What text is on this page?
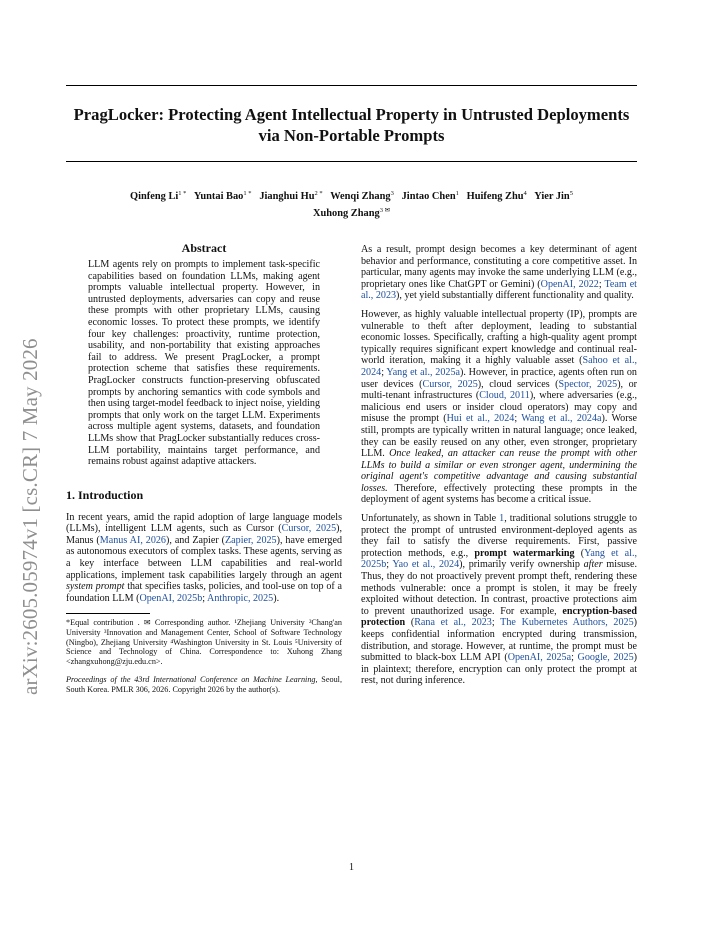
PragLocker: Protecting Agent Intellectual Property in Untrusted Deployments via Non-Portable Prompts
Qinfeng $Li^{1 *}$ Yuntai Bao$^{1 *}$ Jianghui $Hu^{2 *}$ Wenqi Zhang$^3$ Jintao Chen$^1$ Huifeng Zhu$^4$ Yier Jin$^5$
Xuhong Zhang$^{3 ✉}$
arXiv:2605.05974v1 [cs.CR] 7 May 2026
Abstract
LLM agents rely on prompts to implement task-specific capabilities based on foundation LLMs, making agent prompts valuable intellectual property. However, in untrusted deployments, adversaries can copy and reuse these prompts with other proprietary LLMs, causing economic losses. To protect these prompts, we identify four key challenges: proactivity, runtime protection, usability, and non-portability that existing approaches fail to address. We present PragLocker, a prompt protection scheme that satisfies these requirements. PragLocker constructs function-preserving obfuscated prompts by anchoring semantics with code symbols and then using target-model feedback to inject noise, yielding prompts that only work on the target LLM. Experiments across multiple agent systems, datasets, and foundation LLMs show that PragLocker substantially reduces cross-LLM portability, maintains target performance, and remains robust against adaptive attackers.
1. Introduction

In recent years, amid the rapid adoption of large language models (LLMs), intelligent LLM agents, such as Cursor (Cursor, 2025), Manus (Manus AI, 2026), and Zapier (Zapier, 2025), have emerged as autonomous executors of complex tasks. These agents, serving as a key interface between LLM capabilities and real-world applications, implement task capabilities largely through an agent system prompt that specifies tasks, policies, and tool-use on top of a foundation LLM (OpenAI, 2025b; Anthropic, 2025).

*Equal contribution . ✉ Corresponding author. ¹Zhejiang University ²Chang'an University ³Innovation and Management Center, School of Software Technology (Ningbo), Zhejiang University ⁴Washington University in St. Louis ⁵University of Science and Technology of China. Correspondence to: Xuhong Zhang <zhangxuhong@zju.edu.cn>.
Proceedings of the 43rd International Conference on Machine Learning, Seoul, South Korea. PMLR 306, 2026. Copyright 2026 by the author(s).

As a result, prompt design becomes a key determinant of agent behavior and performance, constituting a core competitive asset. In particular, many agents may invoke the same underlying LLM (e.g., proprietary ones like ChatGPT or Gemini) (OpenAI, 2022; Team et al., 2023), yet yield substantially different functionality and quality.

However, as highly valuable intellectual property (IP), prompts are vulnerable to theft after deployment, leading to substantial economic losses. Specifically, crafting a high-quality agent prompt typically requires significant expert knowledge and continual real-world iteration, making it a highly valuable asset (Sahoo et al., 2024; Yang et al., 2025a). However, in practice, agents often run on user devices (Cursor, 2025), cloud services (Spector, 2025), or multi-tenant infrastructures (Cloud, 2011), where adversaries (e.g., malicious end users or insider cloud operators) may copy and misuse the prompt (Hui et al., 2024; Wang et al., 2024a). Worse still, prompts are typically written in natural language; once leaked, they can be easily reused on any other, even stronger, proprietary LLM. Once leaked, an attacker can reuse the prompt with other LLMs to build a similar or even stronger agent, undermining the original agent's competitive advantage and causing substantial losses. Therefore, effectively protecting these prompts in the deployment of agent systems has become a critical issue.

Unfortunately, as shown in Table 1, traditional solutions struggle to protect the prompt of untrusted environment-deployed agents as they fail to satisfy the diverse requirements. First, passive protection methods, e.g., prompt watermarking (Yang et al., 2025b; Yao et al., 2024), primarily verify ownership after misuse. Thus, they do not proactively prevent prompt theft, rendering these methods vulnerable: once a prompt is stolen, it may be freely exploited without detection. In contrast, proactive protections aim to prevent unauthorized usage. For example, encryption-based protection (Rana et al., 2023; The Kubernetes Authors, 2025) keeps confidential information encrypted during transmission, distribution, and storage. However, at runtime, the prompt must be submitted to black-box LLM API (OpenAI, 2025a; Google, 2025) in plaintext; therefore, encryption can only protect the prompt at rest, not during inference.

1
